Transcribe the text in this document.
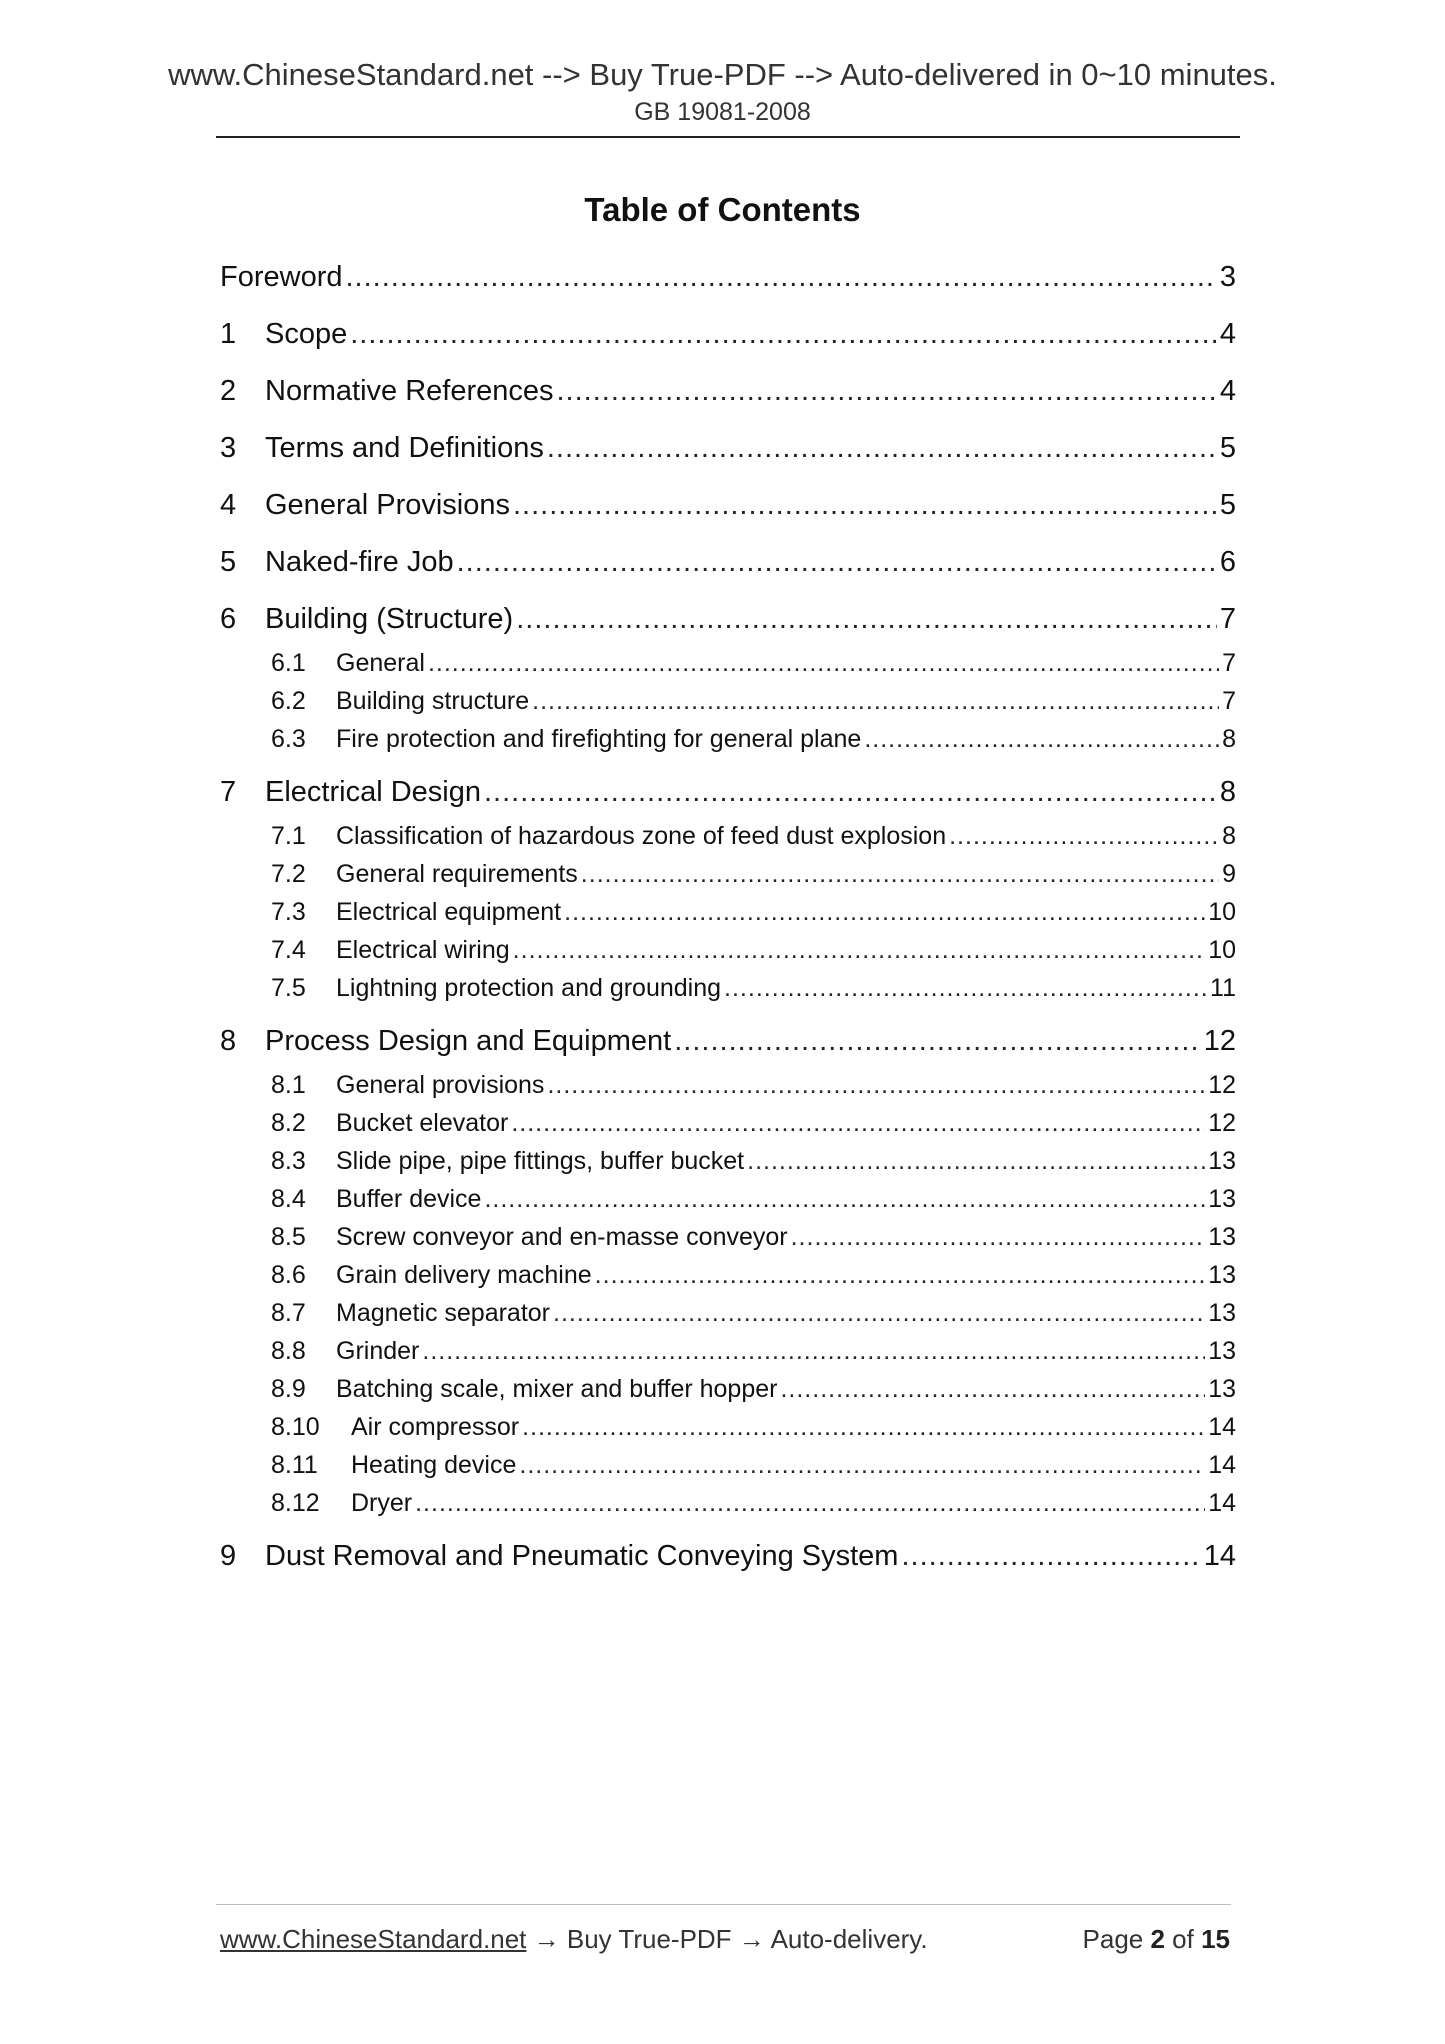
www.ChineseStandard.net --> Buy True-PDF --> Auto-delivered in 0~10 minutes.
GB 19081-2008
Table of Contents
Foreword .....	3
1 Scope .....	4
2 Normative References .....	4
3 Terms and Definitions .....	5
4 General Provisions .....	5
5 Naked-fire Job .....	6
6 Building (Structure) .....	7
6.1	General .....	7
6.2	Building structure .....	7
6.3	Fire protection and firefighting for general plane .....	8
7 Electrical Design .....	8
7.1	Classification of hazardous zone of feed dust explosion .....	8
7.2	General requirements .....	9
7.3	Electrical equipment .....	10
7.4	Electrical wiring .....	10
7.5	Lightning protection and grounding .....	11
8 Process Design and Equipment .....	12
8.1	General provisions .....	12
8.2	Bucket elevator .....	12
8.3	Slide pipe, pipe fittings, buffer bucket .....	13
8.4	Buffer device .....	13
8.5	Screw conveyor and en-masse conveyor .....	13
8.6	Grain delivery machine .....	13
8.7	Magnetic separator .....	13
8.8	Grinder .....	13
8.9	Batching scale, mixer and buffer hopper .....	13
8.10	Air compressor .....	14
8.11	Heating device .....	14
8.12	Dryer .....	14
9 Dust Removal and Pneumatic Conveying System .....	14
www.ChineseStandard.net → Buy True-PDF → Auto-delivery.	Page 2 of 15
